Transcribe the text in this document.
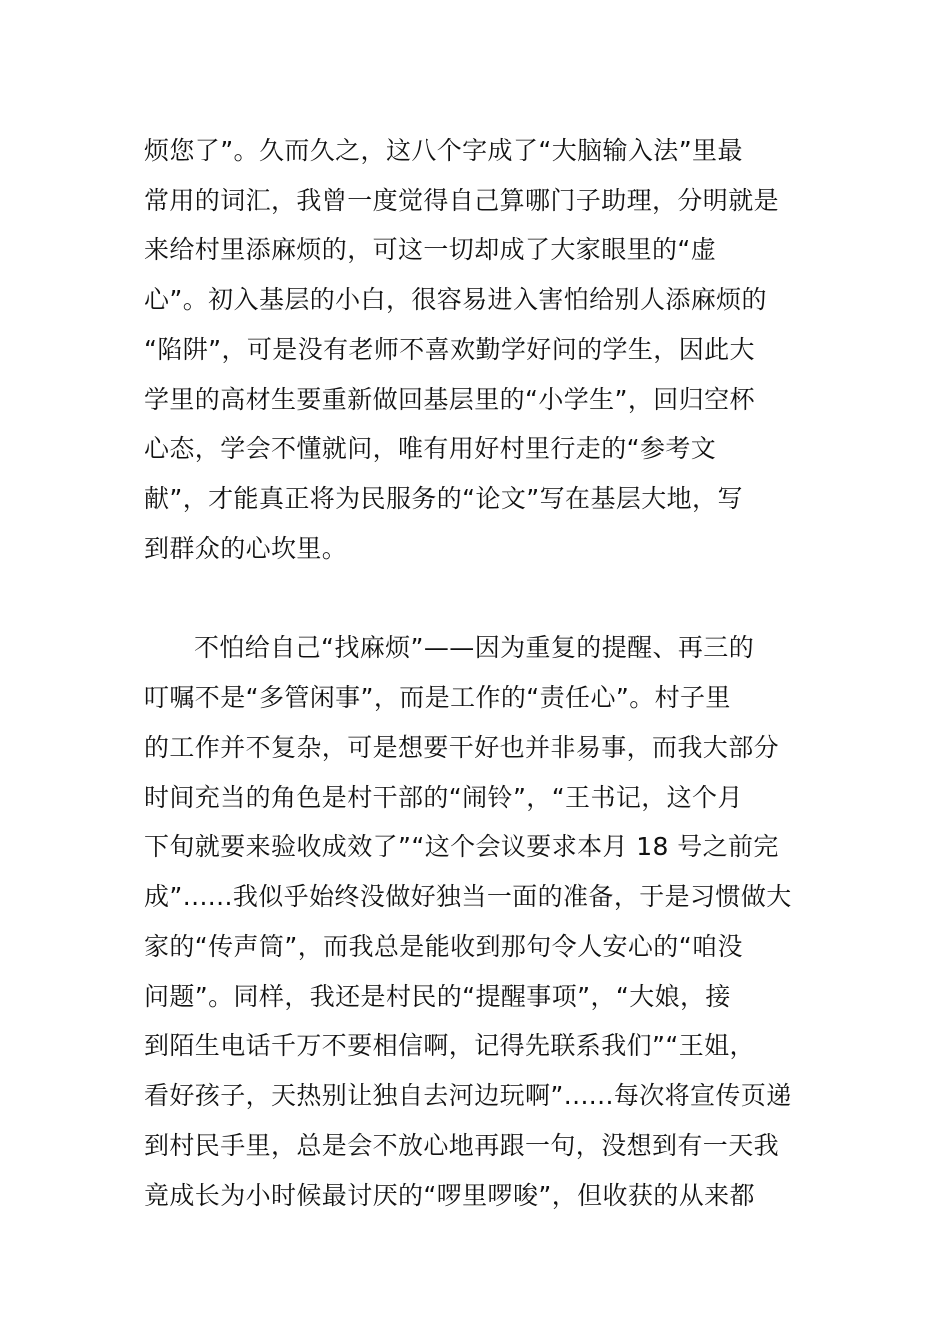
烦您了”。久而久之，这八个字成了“大脑输入法”里最
常用的词汇，我曾一度觉得自己算哪门子助理，分明就是
来给村里添麻烦的，可这一切却成了大家眼里的“虚
心”。初入基层的小白，很容易进入害怕给别人添麻烦的
“陷阱”，可是没有老师不喜欢勤学好问的学生，因此大
学里的高材生要重新做回基层里的“小学生”，回归空杯
心态，学会不懂就问，唯有用好村里行走的“参考文
献”，才能真正将为民服务的“论文”写在基层大地，写
到群众的心坎里。
不怕给自己“找麻烦”——因为重复的提醒、再三的
叮嘱不是“多管闲事”，而是工作的“责任心”。村子里
的工作并不复杂，可是想要干好也并非易事，而我大部分
时间充当的角色是村干部的“闹铃”，“王书记，这个月
下旬就要来验收成效了”“这个会议要求本月 18 号之前完
成”......我似乎始终没做好独当一面的准备，于是习惯做大
家的“传声筒”，而我总是能收到那句令人安心的“咱没
问题”。同样，我还是村民的“提醒事项”，“大娘，接
到陌生电话千万不要相信啊，记得先联系我们”“王姐，
看好孩子，天热别让独自去河边玩啊”......每次将宣传页递
到村民手里，总是会不放心地再跟一句，没想到有一天我
竟成长为小时候最讨厌的“啰里啰唆”，但收获的从来都
